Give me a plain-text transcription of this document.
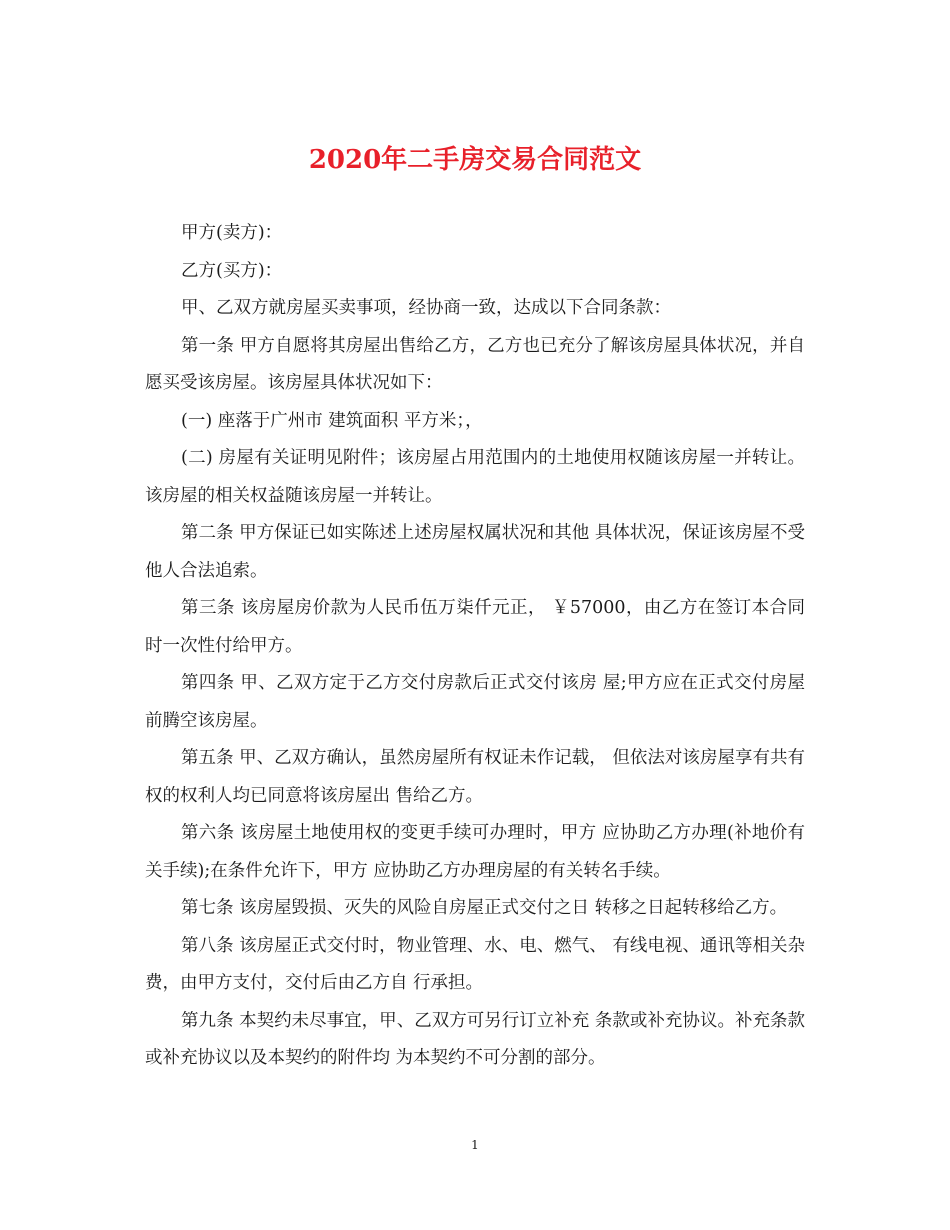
2020年二手房交易合同范文

甲方(卖方)：

乙方(买方)：

甲、乙双方就房屋买卖事项，经协商一致，达成以下合同条款：

第一条 甲方自愿将其房屋出售给乙方，乙方也已充分了解该房屋具体状况，并自愿买受该房屋。该房屋具体状况如下：

(一) 座落于广州市 建筑面积 平方米；，

(二) 房屋有关证明见附件；该房屋占用范围内的土地使用权随该房屋一并转让。 该房屋的相关权益随该房屋一并转让。

第二条 甲方保证已如实陈述上述房屋权属状况和其他 具体状况，保证该房屋不受他人合法追索。

第三条 该房屋房价款为人民币伍万柒仟元正， ￥57000，由乙方在签订本合同时一次性付给甲方。

第四条 甲、乙双方定于乙方交付房款后正式交付该房 屋;甲方应在正式交付房屋前腾空该房屋。

第五条 甲、乙双方确认，虽然房屋所有权证未作记载， 但依法对该房屋享有共有权的权利人均已同意将该房屋出 售给乙方。

第六条 该房屋土地使用权的变更手续可办理时，甲方 应协助乙方办理(补地价有关手续);在条件允许下，甲方 应协助乙方办理房屋的有关转名手续。

第七条 该房屋毁损、灭失的风险自房屋正式交付之日 转移之日起转移给乙方。

第八条 该房屋正式交付时，物业管理、水、电、燃气、 有线电视、通讯等相关杂费，由甲方支付，交付后由乙方自 行承担。

第九条 本契约未尽事宜，甲、乙双方可另行订立补充 条款或补充协议。补充条款或补充协议以及本契约的附件均 为本契约不可分割的部分。

1
